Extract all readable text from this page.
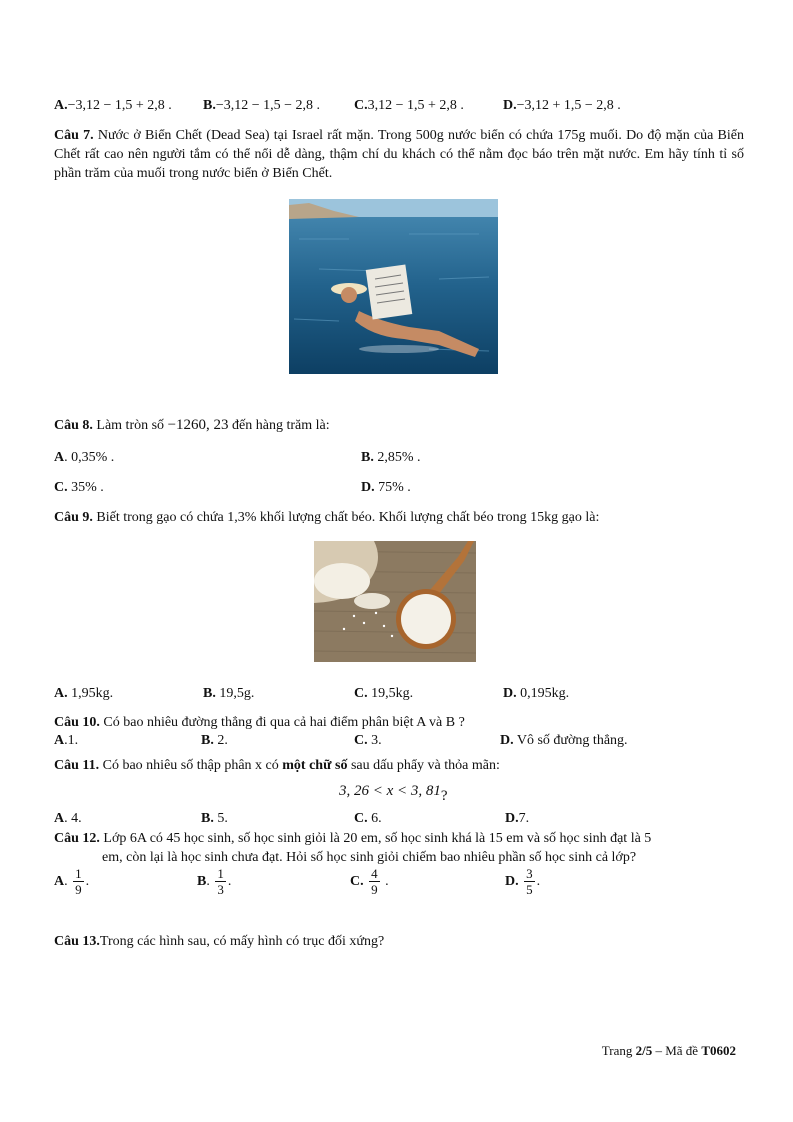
A.−3,12 − 1,5 + 2,8 . B.−3,12 − 1,5 − 2,8 . C.3,12 − 1,5 + 2,8 .	D.−3,12 + 1,5 − 2,8 .
Câu 7. Nước ở Biển Chết (Dead Sea) tại Israel rất mặn. Trong 500g nước biển có chứa 175g muối. Do độ mặn của Biển Chết rất cao nên người tắm có thể nổi dễ dàng, thậm chí du khách có thể nằm đọc báo trên mặt nước. Em hãy tính tỉ số phần trăm của muối trong nước biển ở Biển Chết.
Câu 8. Làm tròn số −1260, 23 đến hàng trăm là:
A. 0,35% .	B. 2,85% .
C. 35% .	D. 75% .
Câu 9. Biết trong gạo có chứa 1,3% khối lượng chất béo. Khối lượng chất béo trong 15kg gạo là:
A. 1,95kg.	B. 19,5g.	C. 19,5kg.	D. 0,195kg.
Câu 10. Có bao nhiêu đường thẳng đi qua cả hai điểm phân biệt A và B ?
A.1.	B. 2.	C. 3.	D. Vô số đường thẳng.
Câu 11. Có bao nhiêu số thập phân x có một chữ số sau dấu phẩy và thỏa mãn:
3, 26 < x < 3, 81?
A. 4.	B. 5.	C. 6.	D.7.
Câu 12. Lớp 6A có 45 học sinh, số học sinh giỏi là 20 em, số học sinh khá là 15 em và số học sinh đạt là 5
em, còn lại là học sinh chưa đạt. Hỏi số học sinh giỏi chiếm bao nhiêu phần số học sinh cả lớp?
A. $\frac{1}{9}$ .	B. $\frac{1}{3}$ .	C. $\frac{4}{9}$ .	D. $\frac{3}{5}$ .
Câu 13.Trong các hình sau, có mấy hình có trục đối xứng?
Trang 2/5 – Mã đề T0602
